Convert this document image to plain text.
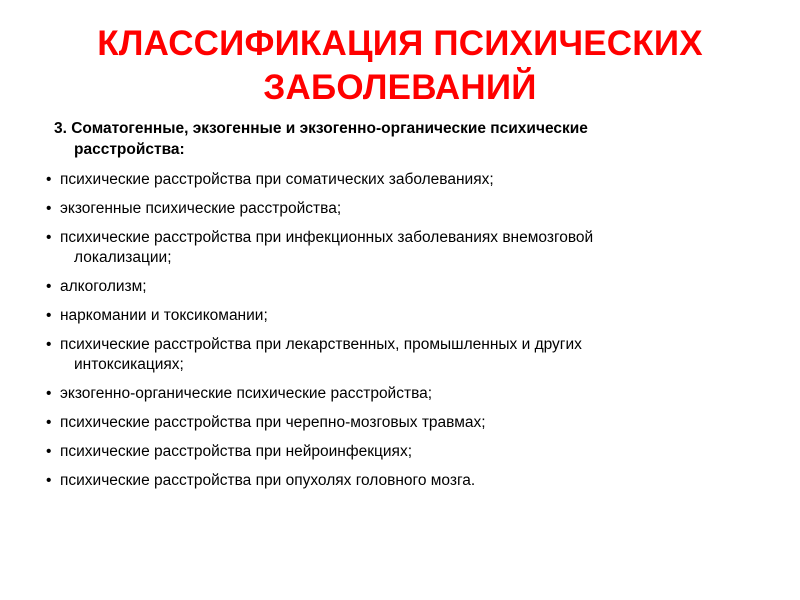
КЛАССИФИКАЦИЯ ПСИХИЧЕСКИХ
ЗАБОЛЕВАНИЙ
3. Соматогенные, экзогенные и экзогенно-органические психические
расстройства:
• психические расстройства при соматических заболеваниях;
• экзогенные психические расстройства;
• психические расстройства при инфекционных заболеваниях внемозговой
локализации;
• алкоголизм;
• наркомании и токсикомании;
• психические расстройства при лекарственных, промышленных и других
интоксикациях;
• экзогенно-органические психические расстройства;
• психические расстройства при черепно-мозговых травмах;
• психические расстройства при нейроинфекциях;
• психические расстройства при опухолях головного мозга.
